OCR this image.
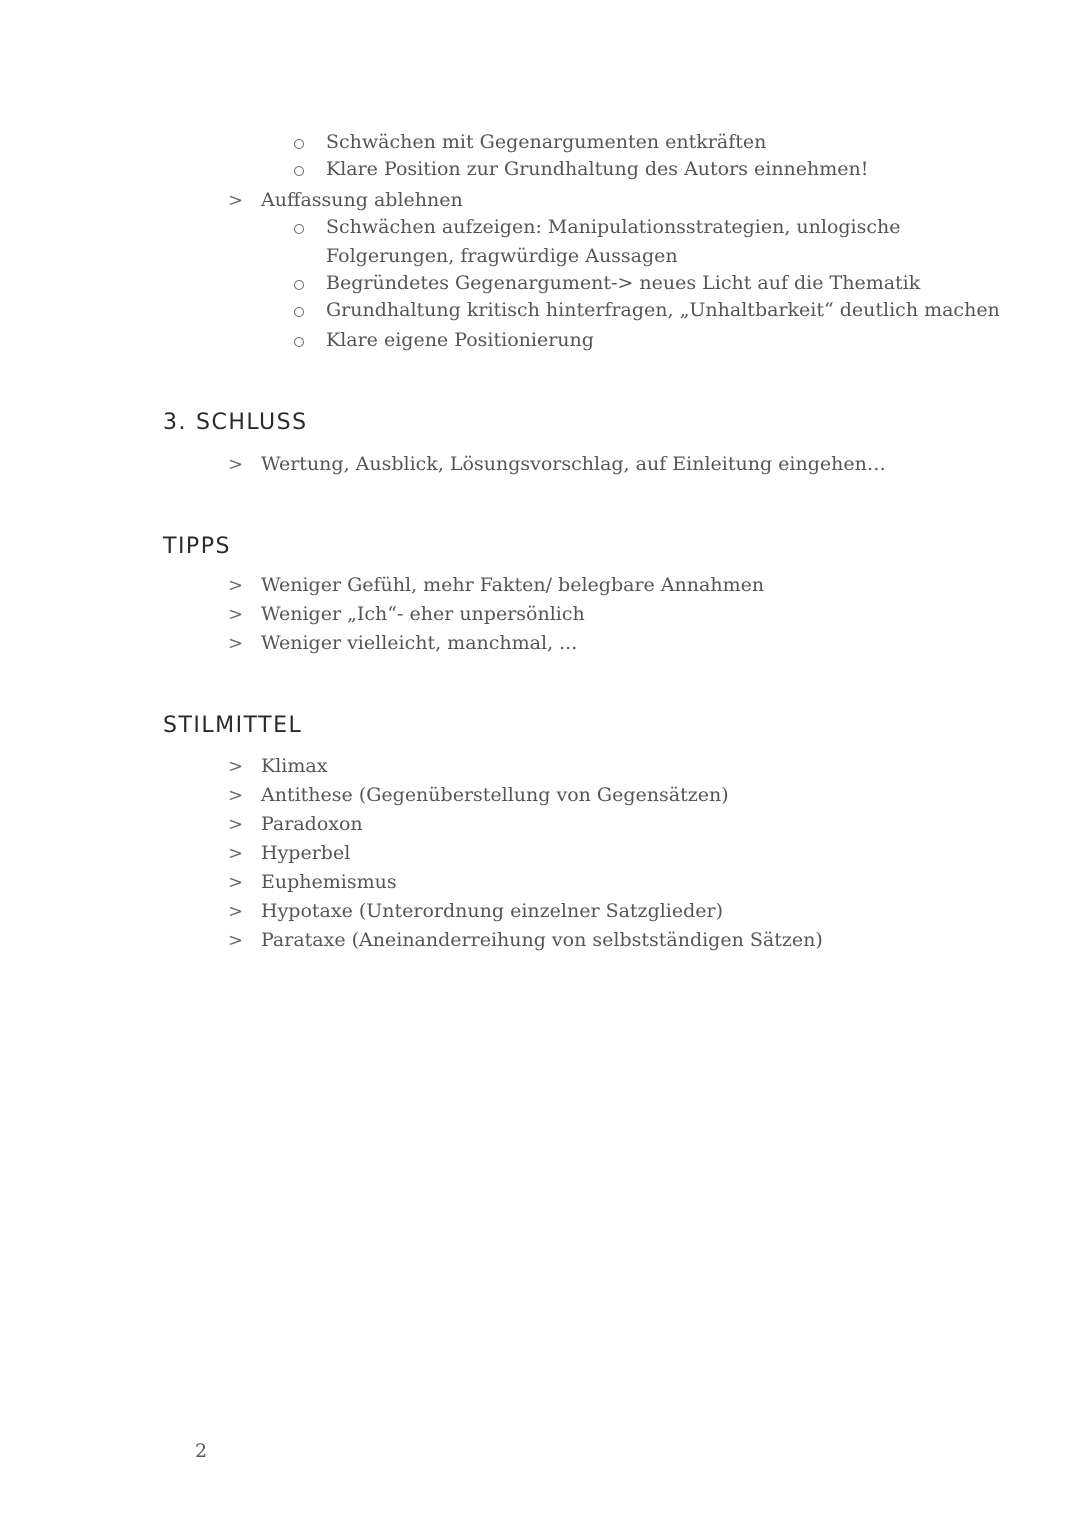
Schwächen mit Gegenargumenten entkräften
Klare Position zur Grundhaltung des Autors einnehmen!
> Auffassung ablehnen
Schwächen aufzeigen: Manipulationsstrategien, unlogische
Folgerungen, fragwürdige Aussagen
Begründetes Gegenargument-> neues Licht auf die Thematik
Grundhaltung kritisch hinterfragen, „Unhaltbarkeit“ deutlich machen
Klare eigene Positionierung
3. SCHLUSS
> Wertung, Ausblick, Lösungsvorschlag, auf Einleitung eingehen…
TIPPS
> Weniger Gefühl, mehr Fakten/ belegbare Annahmen
> Weniger „Ich“- eher unpersönlich
> Weniger vielleicht, manchmal, ...
STILMITTEL
> Klimax
> Antithese (Gegenüberstellung von Gegensätzen)
> Paradoxon
> Hyperbel
> Euphemismus
> Hypotaxe (Unterordnung einzelner Satzglieder)
> Parataxe (Aneinanderreihung von selbstständigen Sätzen)
2
